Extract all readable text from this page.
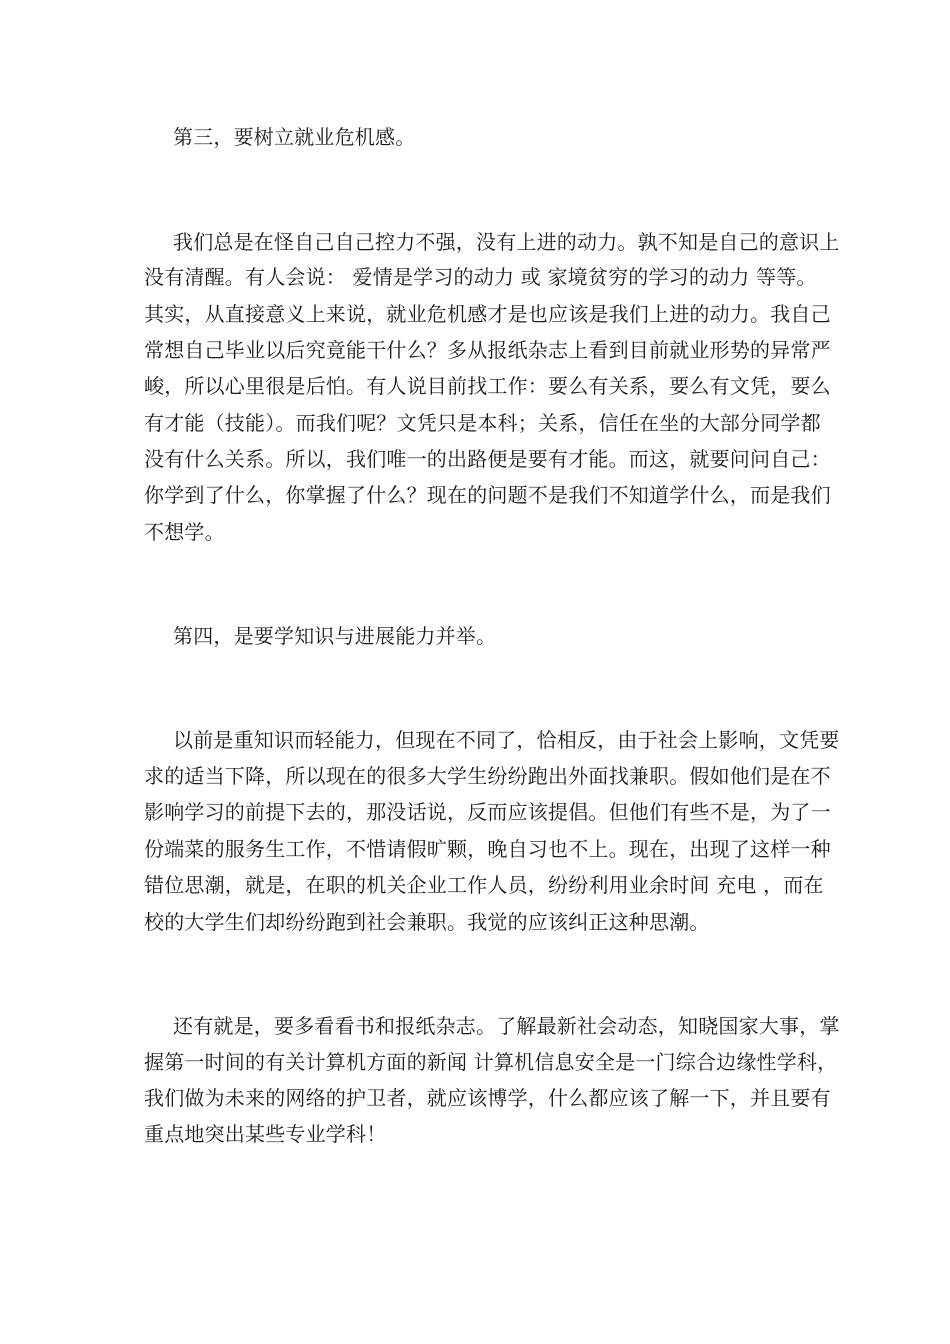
第三，要树立就业危机感。
我们总是在怪自己自己控力不强，没有上进的动力。孰不知是自己的意识上
没有清醒。有人会说： 爱情是学习的动力 或 家境贫穷的学习的动力 等等。
其实，从直接意义上来说，就业危机感才是也应该是我们上进的动力。我自己
常想自己毕业以后究竟能干什么？多从报纸杂志上看到目前就业形势的异常严
峻，所以心里很是后怕。有人说目前找工作：要么有关系，要么有文凭，要么
有才能（技能）。而我们呢？文凭只是本科；关系，信任在坐的大部分同学都
没有什么关系。所以，我们唯一的出路便是要有才能。而这，就要问问自己：
你学到了什么，你掌握了什么？现在的问题不是我们不知道学什么，而是我们
不想学。
第四，是要学知识与进展能力并举。
以前是重知识而轻能力，但现在不同了，恰相反，由于社会上影响，文凭要
求的适当下降，所以现在的很多大学生纷纷跑出外面找兼职。假如他们是在不
影响学习的前提下去的，那没话说，反而应该提倡。但他们有些不是，为了一
份端菜的服务生工作，不惜请假旷颗，晚自习也不上。现在，出现了这样一种
错位思潮，就是，在职的机关企业工作人员，纷纷利用业余时间 充电 ，而在
校的大学生们却纷纷跑到社会兼职。我觉的应该纠正这种思潮。
还有就是，要多看看书和报纸杂志。了解最新社会动态，知晓国家大事，掌
握第一时间的有关计算机方面的新闻 计算机信息安全是一门综合边缘性学科，
我们做为未来的网络的护卫者，就应该博学，什么都应该了解一下，并且要有
重点地突出某些专业学科！
